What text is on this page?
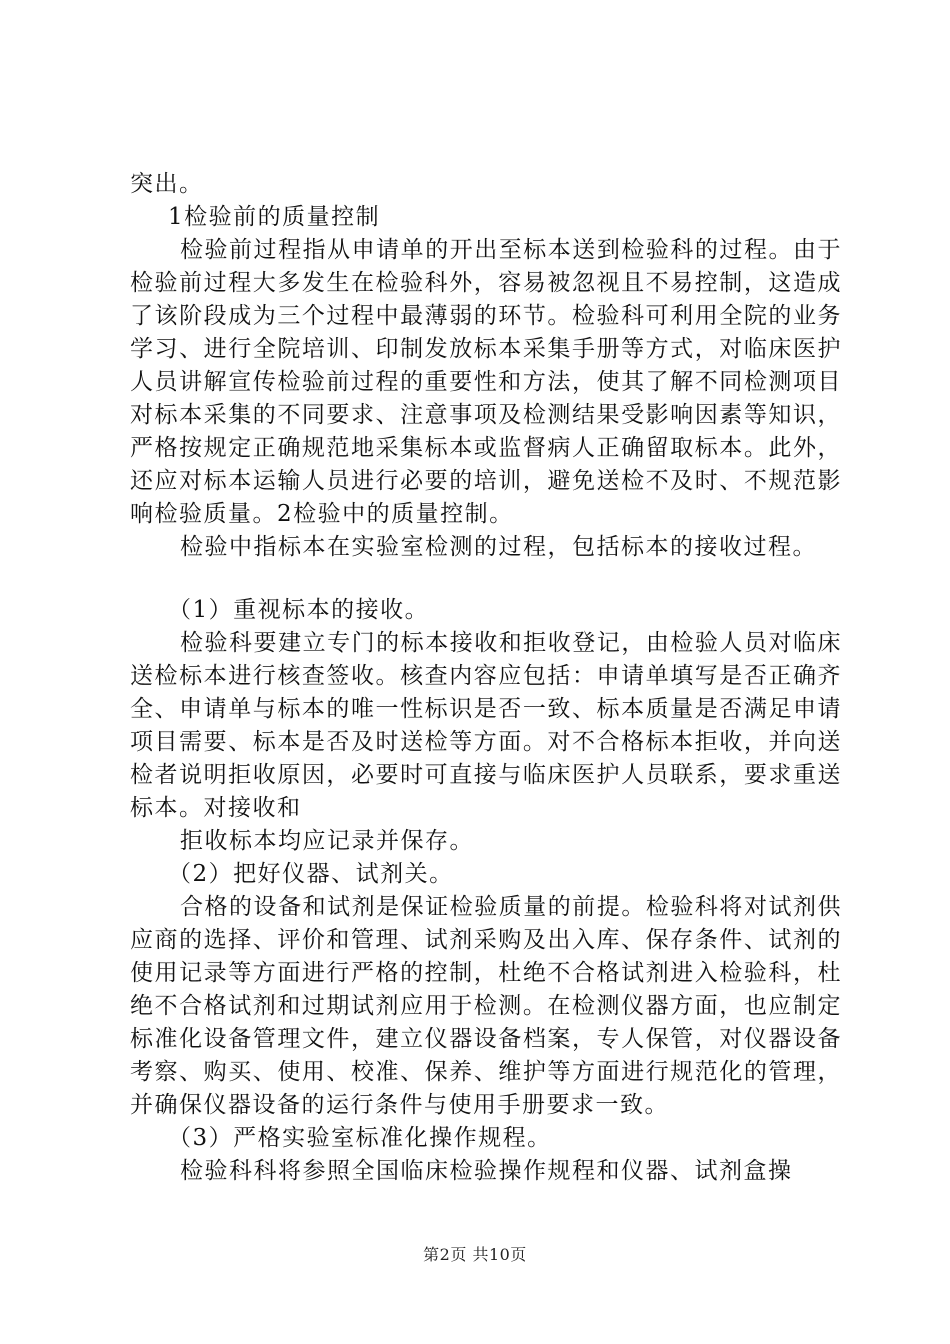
突出。

1检验前的质量控制

检验前过程指从申请单的开出至标本送到检验科的过程。由于检验前过程大多发生在检验科外，容易被忽视且不易控制，这造成了该阶段成为三个过程中最薄弱的环节。检验科可利用全院的业务学习、进行全院培训、印制发放标本采集手册等方式，对临床医护人员讲解宣传检验前过程的重要性和方法，使其了解不同检测项目对标本采集的不同要求、注意事项及检测结果受影响因素等知识，严格按规定正确规范地采集标本或监督病人正确留取标本。此外，还应对标本运输人员进行必要的培训，避免送检不及时、不规范影响检验质量。2检验中的质量控制。

检验中指标本在实验室检测的过程，包括标本的接收过程。

（1）重视标本的接收。

检验科要建立专门的标本接收和拒收登记，由检验人员对临床送检标本进行核查签收。核查内容应包括：申请单填写是否正确齐全、申请单与标本的唯一性标识是否一致、标本质量是否满足申请项目需要、标本是否及时送检等方面。对不合格标本拒收，并向送检者说明拒收原因，必要时可直接与临床医护人员联系，要求重送标本。对接收和

拒收标本均应记录并保存。

（2）把好仪器、试剂关。

合格的设备和试剂是保证检验质量的前提。检验科将对试剂供应商的选择、评价和管理、试剂采购及出入库、保存条件、试剂的使用记录等方面进行严格的控制，杜绝不合格试剂进入检验科，杜绝不合格试剂和过期试剂应用于检测。在检测仪器方面，也应制定标准化设备管理文件，建立仪器设备档案，专人保管，对仪器设备考察、购买、使用、校准、保养、维护等方面进行规范化的管理，并确保仪器设备的运行条件与使用手册要求一致。

（3）严格实验室标准化操作规程。

检验科科将参照全国临床检验操作规程和仪器、试剂盒操

第2页 共10页
